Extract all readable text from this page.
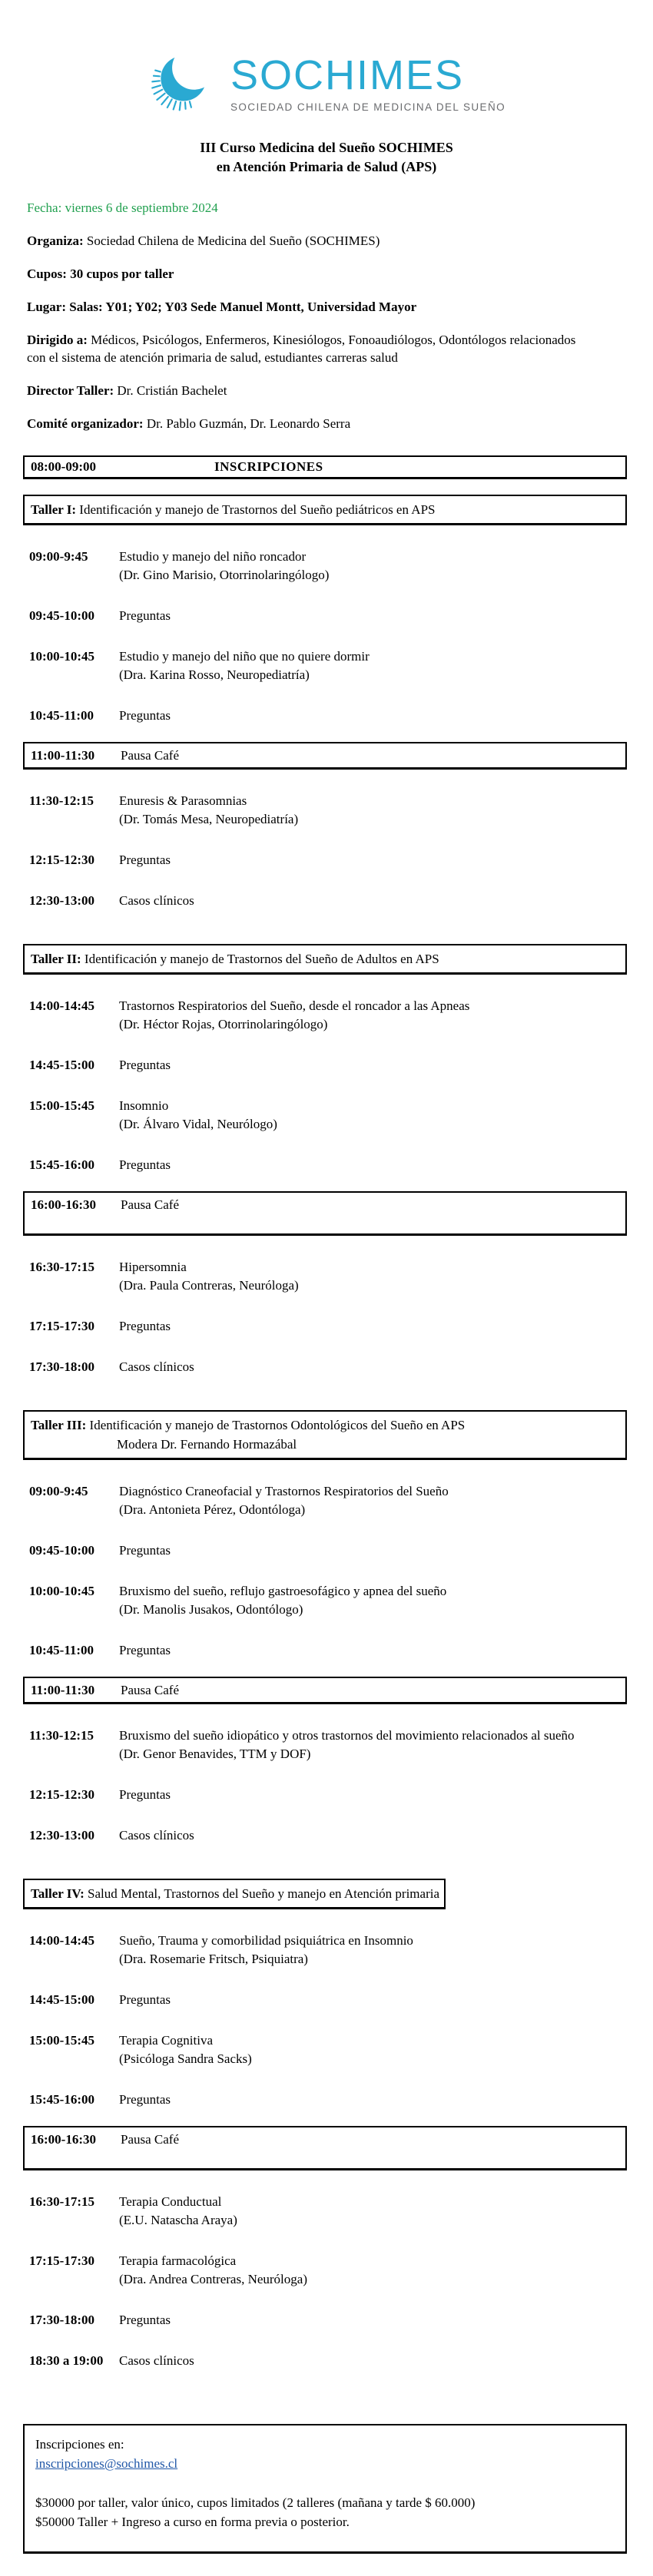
SOCHIMES
SOCIEDAD CHILENA DE MEDICINA DEL SUEÑO
III Curso Medicina del Sueño SOCHIMES
en Atención Primaria de Salud (APS)
Fecha: viernes 6 de septiembre 2024
Organiza: Sociedad Chilena de Medicina del Sueño (SOCHIMES)
Cupos: 30 cupos por taller
Lugar: Salas: Y01; Y02; Y03 Sede Manuel Montt, Universidad Mayor
Dirigido a: Médicos, Psicólogos, Enfermeros, Kinesiólogos, Fonoaudiólogos, Odontólogos relacionados con el sistema de atención primaria de salud, estudiantes carreras salud
Director Taller: Dr. Cristián Bachelet
Comité organizador: Dr. Pablo Guzmán, Dr. Leonardo Serra
08:00-09:00	INSCRIPCIONES
Taller I: Identificación y manejo de Trastornos del Sueño pediátricos en APS
09:00-9:45	Estudio y manejo del niño roncador
(Dr. Gino Marisio, Otorrinolaringólogo)
09:45-10:00	Preguntas
10:00-10:45	Estudio y manejo del niño que no quiere dormir
(Dra. Karina Rosso, Neuropediatría)
10:45-11:00	Preguntas
11:00-11:30	Pausa Café
11:30-12:15	Enuresis & Parasomnias
(Dr. Tomás Mesa, Neuropediatría)
12:15-12:30	Preguntas
12:30-13:00	Casos clínicos
Taller II: Identificación y manejo de Trastornos del Sueño de Adultos en APS
14:00-14:45	Trastornos Respiratorios del Sueño, desde el roncador a las Apneas
(Dr. Héctor Rojas, Otorrinolaringólogo)
14:45-15:00	Preguntas
15:00-15:45	Insomnio
(Dr. Álvaro Vidal, Neurólogo)
15:45-16:00	Preguntas
16:00-16:30	Pausa Café
16:30-17:15	Hipersomnia
(Dra. Paula Contreras, Neuróloga)
17:15-17:30	Preguntas
17:30-18:00	Casos clínicos
Taller III: Identificación y manejo de Trastornos Odontológicos del Sueño en APS
Modera Dr. Fernando Hormazábal
09:00-9:45	Diagnóstico Craneofacial y Trastornos Respiratorios del Sueño
(Dra. Antonieta Pérez, Odontóloga)
09:45-10:00	Preguntas
10:00-10:45	Bruxismo del sueño, reflujo gastroesofágico y apnea del sueño
(Dr. Manolis Jusakos, Odontólogo)
10:45-11:00	Preguntas
11:00-11:30	Pausa Café
11:30-12:15	Bruxismo del sueño idiopático y otros trastornos del movimiento relacionados al sueño
(Dr. Genor Benavides, TTM y DOF)
12:15-12:30	Preguntas
12:30-13:00	Casos clínicos
Taller IV: Salud Mental, Trastornos del Sueño y manejo en Atención primaria
14:00-14:45	Sueño, Trauma y comorbilidad psiquiátrica en Insomnio
(Dra. Rosemarie Fritsch, Psiquiatra)
14:45-15:00	Preguntas
15:00-15:45	Terapia Cognitiva
(Psicóloga Sandra Sacks)
15:45-16:00	Preguntas
16:00-16:30	Pausa Café
16:30-17:15	Terapia Conductual
(E.U. Natascha Araya)
17:15-17:30	Terapia farmacológica
(Dra. Andrea Contreras, Neuróloga)
17:30-18:00	Preguntas
18:30 a 19:00	Casos clínicos
Inscripciones en:
inscripciones@sochimes.cl
$30000 por taller, valor único, cupos limitados (2 talleres (mañana y tarde $ 60.000)
$50000 Taller + Ingreso a curso en forma previa o posterior.
